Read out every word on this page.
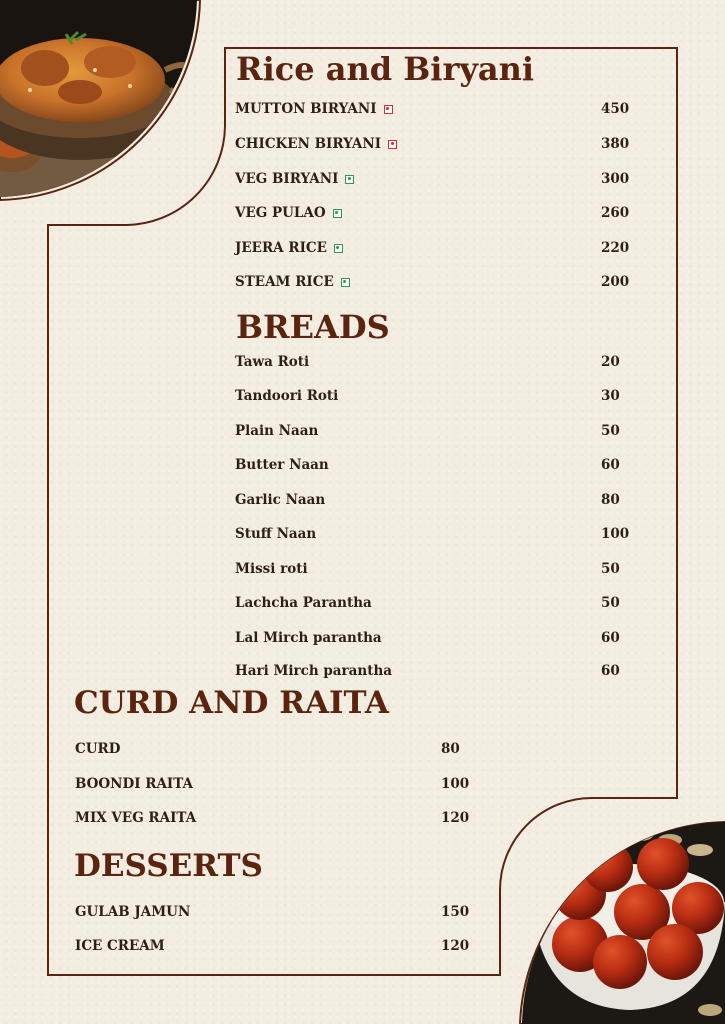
Rice and Biryani
MUTTON BIRYANI	450
CHICKEN BIRYANI	380
VEG BIRYANI	300
VEG PULAO	260
JEERA RICE	220
STEAM RICE	200
BREADS
Tawa Roti	20
Tandoori Roti	30
Plain Naan	50
Butter Naan	60
Garlic Naan	80
Stuff Naan	100
Missi roti	50
Lachcha Parantha	50
Lal Mirch parantha	60
Hari Mirch parantha	60
CURD AND RAITA
CURD	80
BOONDI RAITA	100
MIX VEG RAITA	120
DESSERTS
GULAB JAMUN	150
ICE CREAM	120
